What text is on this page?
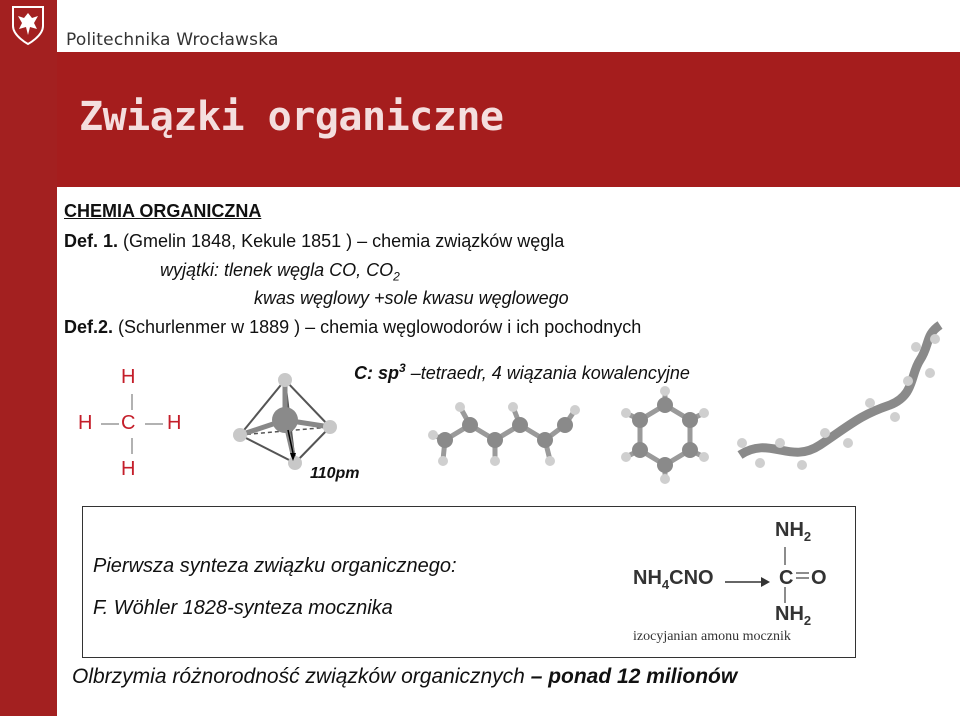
Politechnika Wrocławska
Związki organiczne
CHEMIA ORGANICZNA
Def. 1. (Gmelin 1848, Kekule 1851 ) – chemia związków węgla
wyjątki: tlenek węgla CO, $CO_2$
kwas węglowy +sole kwasu węglowego
Def.2. (Schurlenmer w 1889 ) – chemia węglowodorów i ich pochodnych
C: $sp^3$ –tetraedr, 4 wiązania kowalencyjne
H
H C H
H	110pm
Pierwsza synteza związku organicznego:
F. Wöhler 1828-synteza mocznika
$NH_4CNO$ →
$NH_2$
C O
$NH_2$
izocyjanian amonu mocznik
Olbrzymia różnorodność związków organicznych – ponad 12 milionów
